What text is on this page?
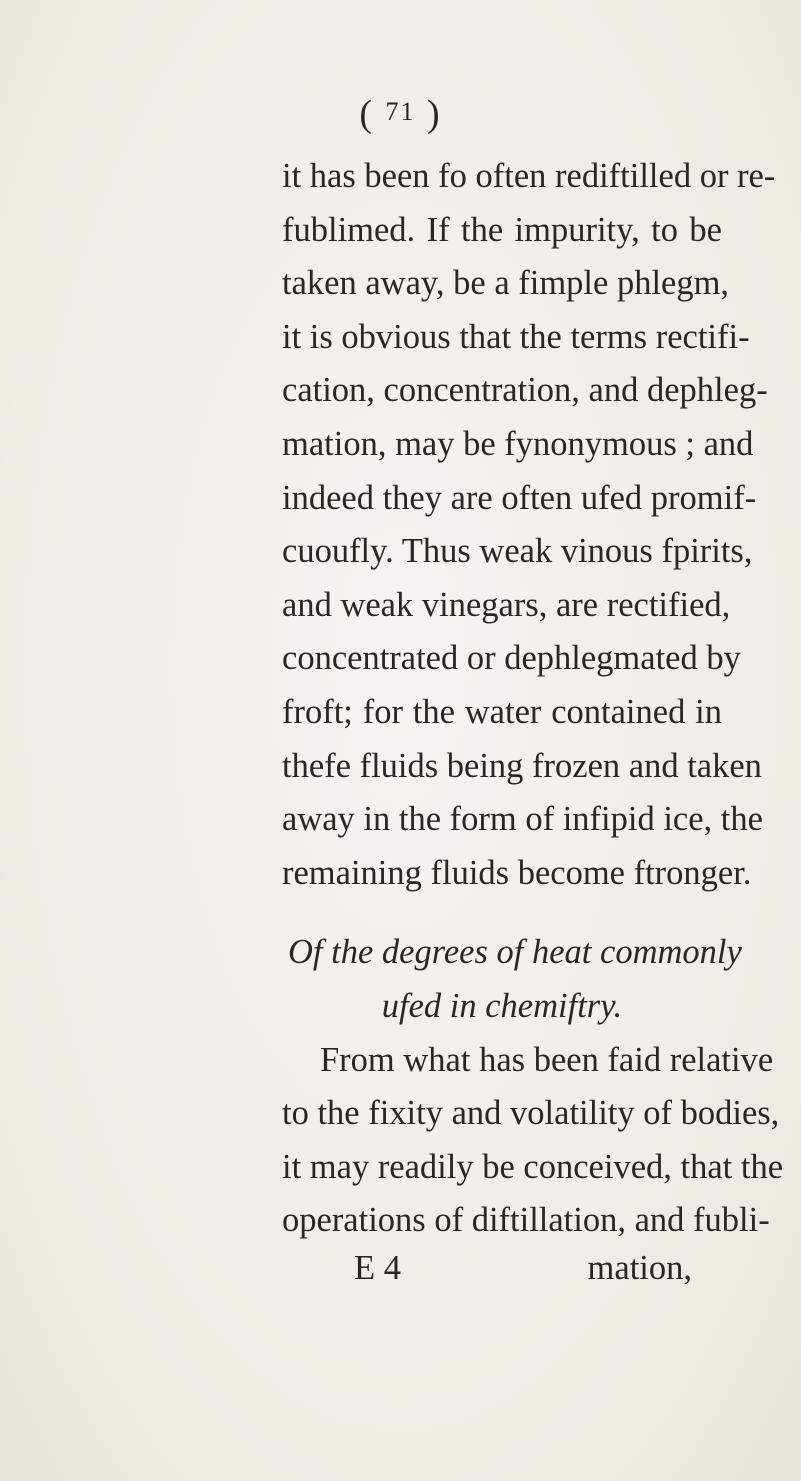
( 71 )
it has been fo often rediftilled or re-
fublimed. If the impurity, to be
taken away, be a fimple phlegm,
it is obvious that the terms rectifi-
cation, concentration, and dephleg-
mation, may be fynonymous ; and
indeed they are often ufed promif-
cuoufly. Thus weak vinous fpirits,
and weak vinegars, are rectified,
concentrated or dephlegmated by
froft; for the water contained in
thefe fluids being frozen and taken
away in the form of infipid ice, the
remaining fluids become ftronger.
Of the degrees of heat commonly
ufed in chemiftry.
From what has been faid relative
to the fixity and volatility of bodies,
it may readily be conceived, that the
operations of diftillation, and fubli-
E 4	mation,
